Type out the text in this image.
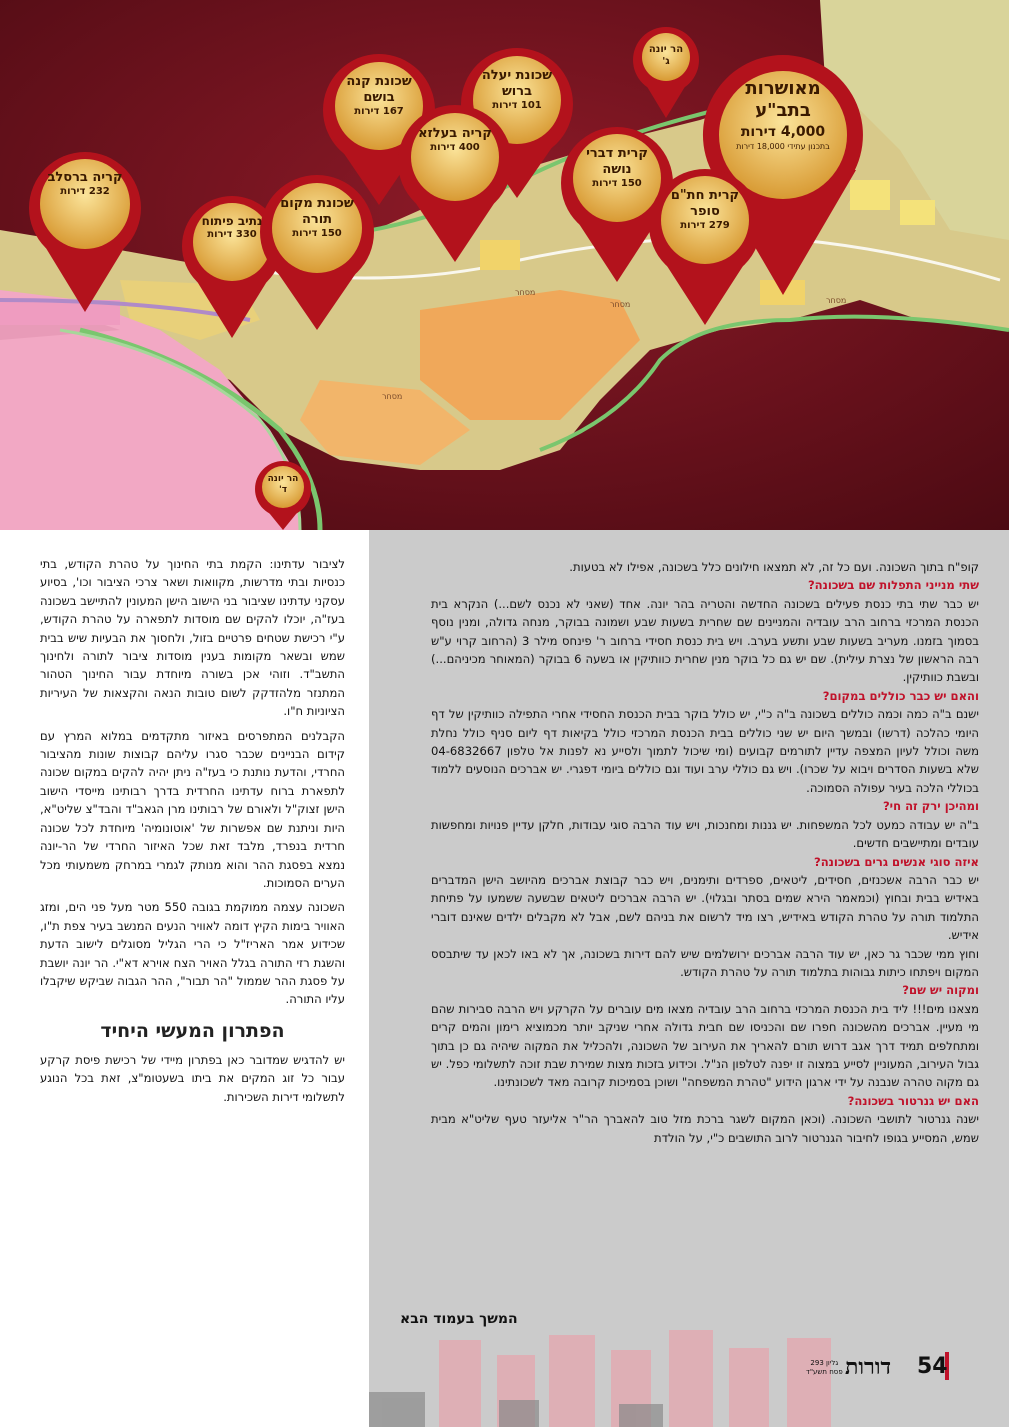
מאושרות בתב"ע
4,000 דירות
בתכנון עתידי 18,000 דירות
הר יונה ג'
שכונת יעלה ברוש
101 דירות
שכונת קנה בושם
167 דירות
קריה בעלזא
400 דירות	קרית דברי נושה
150 דירות
קרית חת"ם סופר
279 דירות
קריה ברסלב
232 דירות
נתיב פיתוח
330 דירות
שכונת מקום תורה
150 דירות
הר יונה ד'
מסחר
מסחר
מסחר
מסחר

קופ"ח בתוך השכונה. ועם כל זה, לא תמצאו חילונים כלל בשכונה, אפילו לא בטעות.

שתי מנייני התפלות שם בשכונה?

יש כבר שתי בתי כנסת פעילים בשכונה החדשה והטריה בהר יונה. אחד (שאני לא נכנס לשם...) הנקרא בית הכנסת המרכזי ברחוב הרב עובדיה והמניינים שם שחרית בשעות שבע ושמונה בבוקר, מנחה גדולה, ומנין נוסף בסמוך בזמנו. מעריב בשעות שבע ותשע בערב. ויש בית כנסת חסידי ברחוב ר' פינחס מילר 3 (הרחוב קרוי ע"ש רבה הראשון של נצרת עילית). שם יש גם כל בוקר מנין שחרית כוותיקין או בשעה 6 בבוקר (המאוחר מכיניהם...) ובשבת כוותיקין.

והאם יש כבר כוללים במקום?

ישנם ב"ה כמה וכמה כוללים בשכונה ב"ה כ"י, יש כולל בוקר בבית הכנסת החסידי אחרי התפילה כוותיקין של דף היומי כהלכה (דרשו) ובמשך היום יש שני כוללים בבית הכנסת המרכזי כולל בקיאות דף ליום סניף כולל נחלת משה וכולל לעיון המצפה עדיין לתורמים קבועים (ומי שיכול לתמוך ולסייע נא לפנות אל טלפון 04-6832667 שלא בשעות הסדרים ויבוא על שכרו). ויש גם כוללי ערב ועוד וגם כוללים ביומי דפגרי. יש אברכים הנוסעים ללמוד בכוללי הלכה בעיר עפולה הסמוכה.

ומהיכן ירק זה חי?

ב"ה יש עבודה כמעט לכל המשפחות. יש גננות ומחנכות, ויש עוד הרבה סוגי עבודות, חלקן עדיין פנויות ומחפשות עובדים ומתיישבים חדשים.

איזה סוגי אנשים גרים בשכונה?

יש כבר הרבה אשכנזים, חסידים, ליטאים, ספרדים ותימנים, ויש כבר קבוצת אברכים מהיושב הישן המדברים באידיש בבית ובחוץ (וכמאמר הירא שמים בסתר ובגלוי). יש הרבה אברכים ליטאים שבשעה ששמעו על פתיחת התלמוד תורה על טהרת הקודש באידיש, רצו מיד לרשום את בניהם לשם, אבל לא מקבלים ילדים שאינם דוברי אידיש.

וחוץ ממי שכבר גר כאן, יש עוד הרבה אברכים ירושלמים שיש להם דירות בשכונה, אך לא באו לכאן עד שיתבסס המקום ויפתחו כיתות גבוהות בתלמוד תורה על טהרת הקודש.

ומקוה יש שם?

מצאנו מים!!! ליד בית הכנסת המרכזי ברחוב הרב עובדיה מצאו מים עוברים על הקרקע ויש הרבה סבירות שהם מי מעיין. אברכים מהשכונה חפרו שם והכניסו שם חבית גדולה אחרי שניקב יותר מכמוציא רימון והמים קרים ומתחלפים תמיד דרך אגב דרוש תורם להאריך את העירוב של השכונה, ולהכליל את המקוה שיהיה גם כן בתוך גבול העירוב, המעוניין לסייע במצוה זו יפנה לטלפון הנ"ל. וכידוע בזכות מצות שמירת שבת זוכה לתשלומי כפל. יש גם מקוה טהרה שנבנה על ידי ארגון הידוע "טהרת המשפחה" ושוכן בסמיכות קרובה מאד לשכונתינו.

האם יש גנרטור בשכונה?

ישנה גנרטור לתושבי השכונה. (וכאן המקום לשגר ברכת מזל טוב להאברך הר"ר אליעזר טעף שליט"א מבית שמש, המסייע בגופו לחיבור הגנרטור לרוב התושבים כ"י, על הולדת

לציבור עדתינו: הקמת בתי החינוך על טהרת הקודש, בתי כנסיות ובתי מדרשות, מקוואות ושאר צרכי הציבור וכו', בסיוע עסקני עדתינו שציבור בני הישוב הישן המעונין להתיישב בשכונה בעז"ה, יוכלו להקים שם מוסדות לתפארה על טהרת הקודש, ע"י רכישת שטחים פרטיים בזול, ולחסוך את הבעיות שיש בבית שמש ובשאר מקומות בענין מוסדות ציבור לתורה ולחינוך התשב"ד. וזוהי אכן בשורה מיוחדת עבור החינוך הטהור המתנזר מלהזדקק לשום טובות הנאה והקצאות של העיריות הציוניות ח"ו.

הקבלנים המתפרסים באיזור מתקדמים במלוא המרץ עם קידום הבניינים שכבר סגרו עליהם קבוצות שונות מהציבור החרדי, והדעת נותנת כי בעז"ה ניתן יהיה להקים במקום שכונה לתפארת ברוח עדתינו החרדית בדרך רבותינו מייסדי הישוב הישן זצוק"ל ולאורם של רבותינו מרן הגאב"ד והבד"צ שליט"א, היות וניתנת שם אפשרות של 'אוטונומיה' מיוחדת לכל שכונה חרדית בנפרד, מלבד זאת שכל האיזור החרדי של הר-יונה נמצא בפסגת ההר והוא מנותק לגמרי במרחק משמעותי מכל הערים הסמוכות.

השכונה עצמה ממוקמת בגובה 550 מטר מעל פני הים, ומזג האוויר בימות הקיץ דומה לאוויר הנעים המנשב בעיר צפת ת"ו, שכידוע אמר האריז"ל כי הרי הגליל מסוגלים לישוב הדעת והשגת רזי התורה בגלל האויר הצח אוירא דא"י. הר יונה יושבת על פסגת ההר שממול "הר תבור", ההר הגבוה שביקש שיקבלו עליו התורה.

הפתרון המעשי היחיד

יש להדגיש שמדובר כאן בפתרון מיידי של רכישת פיסת קרקע עבור כל זוג המקים את ביתו בשעטומ"צ, זאת בכל הנוגע לתשלומי דירות השכירות.

המשך בעמוד הבא
54
דורות
גליון 293
פסח תשע"ד
